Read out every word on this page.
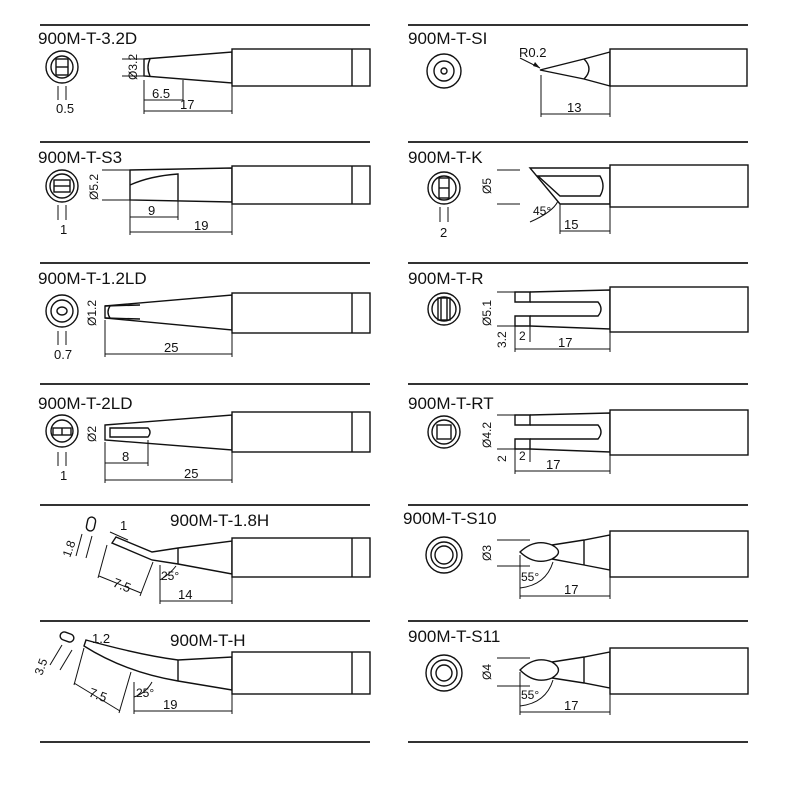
900M-T-3.2D	900M-T-SI
900M-T-S3	900M-T-K
900M-T-1.2LD	900M-T-R
900M-T-2LD	900M-T-RT
900M-T-1.8H	900M-T-S10
900M-T-H	900M-T-S11
0.5
Ø3.2
6.5
17
R0.2
13
1
Ø5.2
9
19	2
Ø5
45°
15
0.7
Ø1.2
25
Ø5.1
3.2 2 17
1
Ø2
8
25
Ø4.2
2 2
17
1.8
1
7.5 25°
14
Ø3
55°
17
3.5
1.2
7.5 25°
19
Ø4
55°
17
